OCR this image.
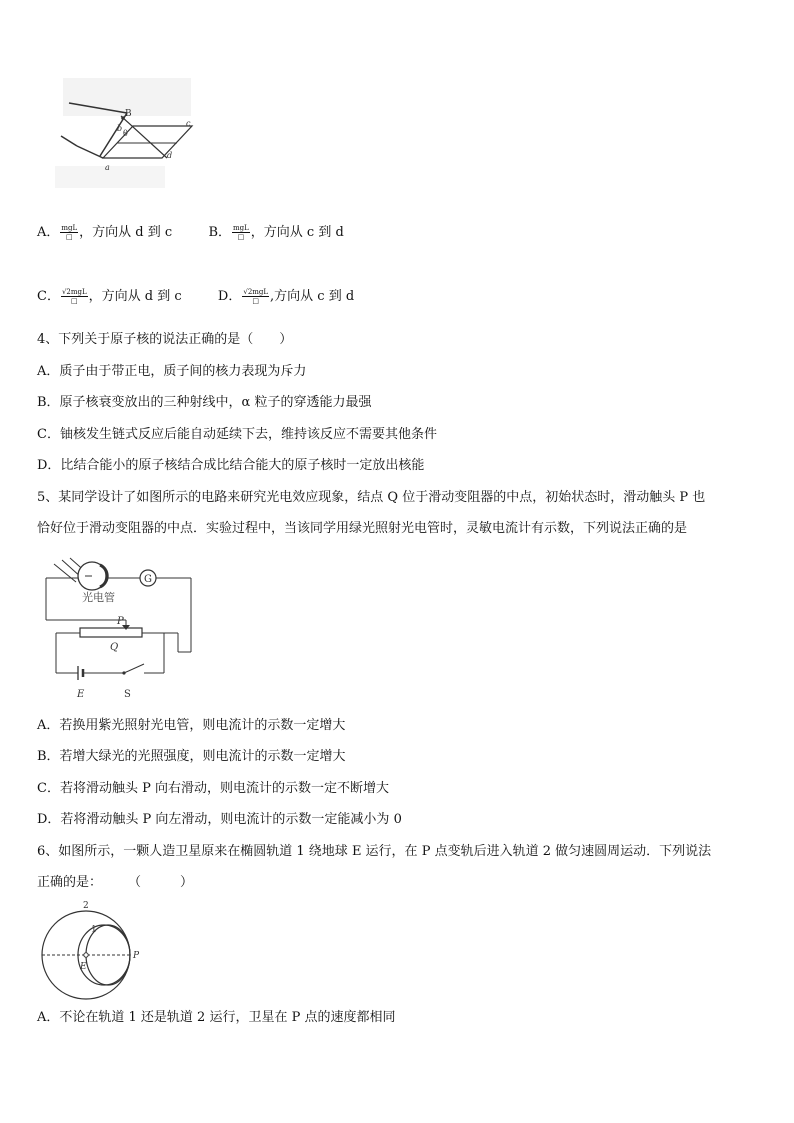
B
b
θ
c
a
d
A． $\frac{\text{mgL}}{□}$ ，方向从 d 到 c	B． $\frac{\text{mgL}}{□}$ ，方向从 c 到 d
C． $\frac{\text{√2mgL}}{□}$ ，方向从 d 到 c	D． $\frac{\text{√2mgL}}{□}$ ,方向从 c 到 d
4、下列关于原子核的说法正确的是（　　）
A．质子由于带正电，质子间的核力表现为斥力
B．原子核衰变放出的三种射线中，α 粒子的穿透能力最强
C．铀核发生链式反应后能自动延续下去，维持该反应不需要其他条件
D．比结合能小的原子核结合成比结合能大的原子核时一定放出核能
5、某同学设计了如图所示的电路来研究光电效应现象，结点 Q 位于滑动变阻器的中点，初始状态时，滑动触头 P 也
恰好位于滑动变阻器的中点．实验过程中，当该同学用绿光照射光电管时，灵敏电流计有示数，下列说法正确的是
光电管
G
P
Q
E	S
A．若换用紫光照射光电管，则电流计的示数一定增大
B．若增大绿光的光照强度，则电流计的示数一定增大
C．若将滑动触头 P 向右滑动，则电流计的示数一定不断增大
D．若将滑动触头 P 向左滑动，则电流计的示数一定能减小为 0
6、如图所示，一颗人造卫星原来在椭圆轨道 1 绕地球 E 运行，在 P 点变轨后进入轨道 2 做匀速圆周运动．下列说法
正确的是：　　　（　　　）
2
1
E
P
A．不论在轨道 1 还是轨道 2 运行，卫星在 P 点的速度都相同
